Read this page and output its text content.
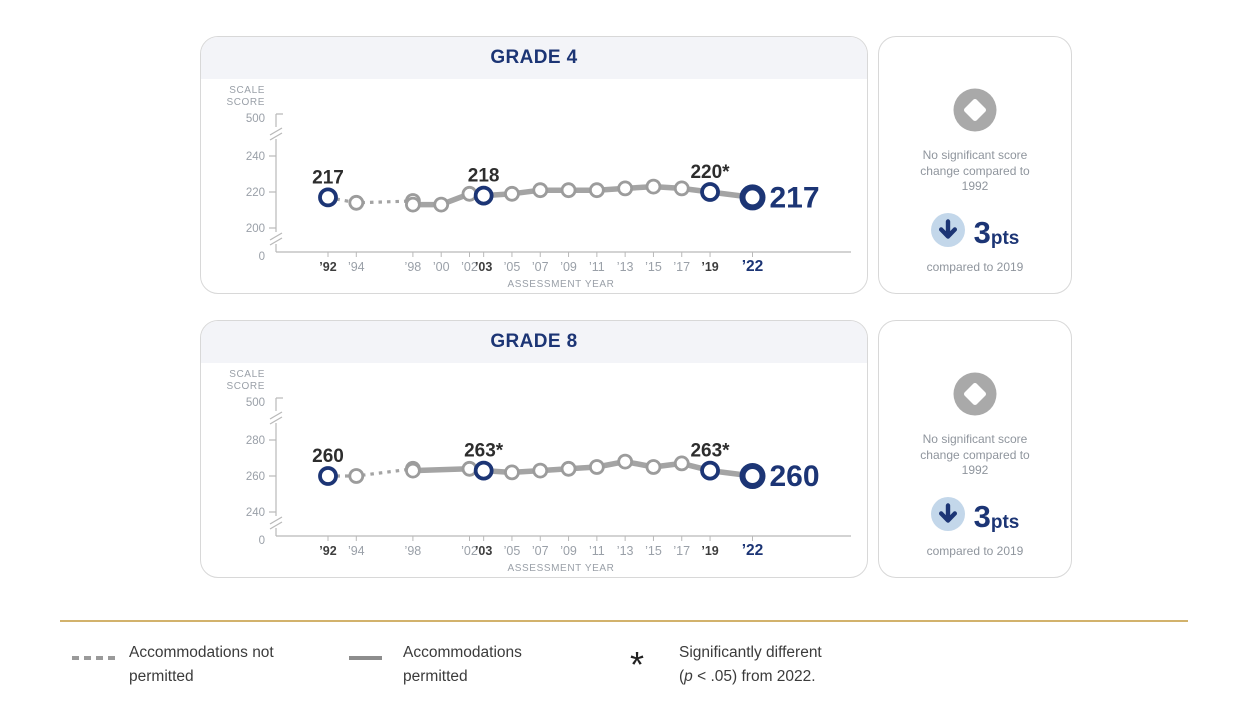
GRADE 4
500
240
220
200
0
SCALE
SCORE
’92 ’94	’98 ’00 ’02
’03 ’05 ’07 ’09 ’11 ’13 ’15 ’17 ’19 ’22
ASSESSMENT YEAR
217	218	220*
217
No significant score change compared to 1992
3 pts
compared to 2019
GRADE 8
500
280
260
240
0
SCALE
SCORE
’92 ’94	’98	’02
’03 ’05 ’07 ’09 ’11 ’13 ’15 ’17 ’19 ’22
ASSESSMENT YEAR
260	263*	263*
260
No significant score change compared to 1992
3 pts
compared to 2019
Accommodations not permitted
Accommodations permitted	* Significantly different
(p < .05) from 2022.
